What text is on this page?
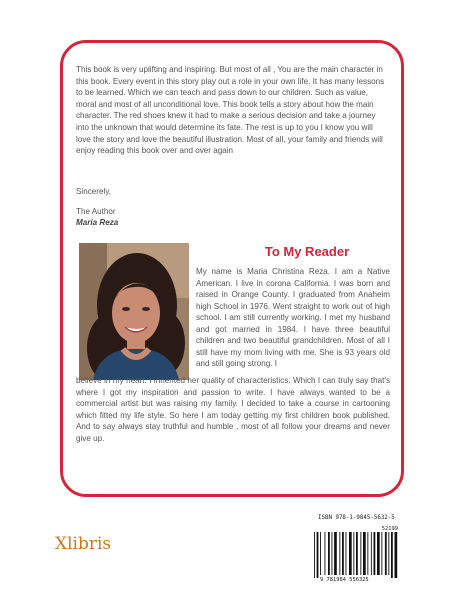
This book is very uplifting and inspiring. But most of all , You are the main character in this book. Every event in this story play out a role in your own life. It has many lessons to be learned. Which we can teach and pass down to our children. Such as value, moral and most of all unconditional love. This book tells a story about how the main character. The red shoes knew it had to make a serious decision and take a journey into the unknown that would determine its fate. The rest is up to you I know you will love the story and love the beautiful illustration. Most of all, your family and friends will enjoy reading this book over and over again

Sincerely,

The Author

Maria Reza

To My Reader

My name is Maria Christina Reza. I am a Native American. I live in corona California. I was born and raised in Orange County. I graduated from Anaheim high School in 1976. Went straight to work out of high school. I am still currently working. I met my husband and got married in 1984. I have three beautiful children and two beautiful grandchildren. Most of all I still have my mom living with me. She is 93 years old and still going strong. I

believe in my heart. I inherited her quality of characteristics. Which I can truly say that's where I got my inspiration and passion to write. I have always wanted to be a commercial artist but was raising my family. I decided to take a course in cartooning which fitted my life style. So here I am today getting my first children book published. And to say always stay truthful and humble , most of all follow your dreams and never give up.

Xlibris

ISBN 978-1-9845-5632-5

52199

9 781984 556325
